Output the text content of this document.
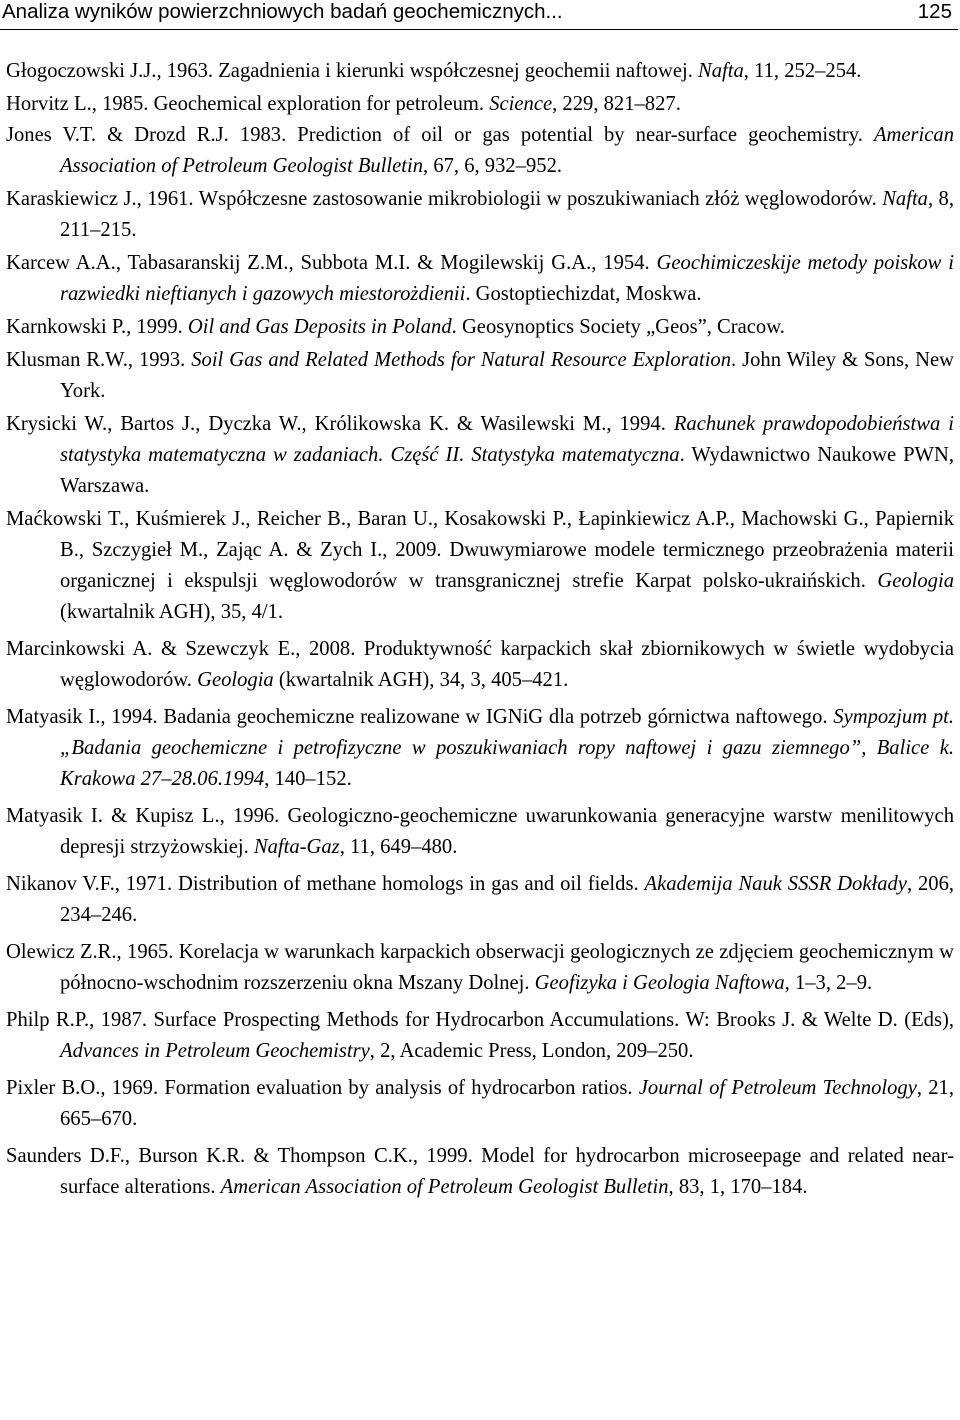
Analiza wyników powierzchniowych badań geochemicznych...	125

Głogoczowski J.J., 1963. Zagadnienia i kierunki współczesnej geochemii naftowej. Nafta, 11, 252–254.

Horvitz L., 1985. Geochemical exploration for petroleum. Science, 229, 821–827.

Jones V.T. & Drozd R.J. 1983. Prediction of oil or gas potential by near-surface geochemistry. American Association of Petroleum Geologist Bulletin, 67, 6, 932–952.

Karaskiewicz J., 1961. Współczesne zastosowanie mikrobiologii w poszukiwaniach złóż węglowodorów. Nafta, 8, 211–215.

Karcew A.A., Tabasaranskij Z.M., Subbota M.I. & Mogilewskij G.A., 1954. Geochimiczeskije metody poiskow i razwiedki nieftianych i gazowych miestorożdienii. Gostoptiechizdat, Moskwa.

Karnkowski P., 1999. Oil and Gas Deposits in Poland. Geosynoptics Society „Geos”, Cracow.

Klusman R.W., 1993. Soil Gas and Related Methods for Natural Resource Exploration. John Wiley & Sons, New York.

Krysicki W., Bartos J., Dyczka W., Królikowska K. & Wasilewski M., 1994. Rachunek prawdopodobieństwa i statystyka matematyczna w zadaniach. Część II. Statystyka matematyczna. Wydawnictwo Naukowe PWN, Warszawa.

Maćkowski T., Kuśmierek J., Reicher B., Baran U., Kosakowski P., Łapinkiewicz A.P., Machowski G., Papiernik B., Szczygieł M., Zając A. & Zych I., 2009. Dwuwymiarowe modele termicznego przeobrażenia materii organicznej i ekspulsji węglowodorów w transgranicznej strefie Karpat polsko-ukraińskich. Geologia (kwartalnik AGH), 35, 4/1.

Marcinkowski A. & Szewczyk E., 2008. Produktywność karpackich skał zbiornikowych w świetle wydobycia węglowodorów. Geologia (kwartalnik AGH), 34, 3, 405–421.

Matyasik I., 1994. Badania geochemiczne realizowane w IGNiG dla potrzeb górnictwa naftowego. Sympozjum pt. „Badania geochemiczne i petrofizyczne w poszukiwaniach ropy naftowej i gazu ziemnego”, Balice k. Krakowa 27–28.06.1994, 140–152.

Matyasik I. & Kupisz L., 1996. Geologiczno-geochemiczne uwarunkowania generacyjne warstw menilitowych depresji strzyżowskiej. Nafta-Gaz, 11, 649–480.

Nikanov V.F., 1971. Distribution of methane homologs in gas and oil fields. Akademija Nauk SSSR Dokłady, 206, 234–246.

Olewicz Z.R., 1965. Korelacja w warunkach karpackich obserwacji geologicznych ze zdjęciem geochemicznym w północno-wschodnim rozszerzeniu okna Mszany Dolnej. Geofizyka i Geologia Naftowa, 1–3, 2–9.

Philp R.P., 1987. Surface Prospecting Methods for Hydrocarbon Accumulations. W: Brooks J. & Welte D. (Eds), Advances in Petroleum Geochemistry, 2, Academic Press, London, 209–250.

Pixler B.O., 1969. Formation evaluation by analysis of hydrocarbon ratios. Journal of Petroleum Technology, 21, 665–670.

Saunders D.F., Burson K.R. & Thompson C.K., 1999. Model for hydrocarbon microseepage and related near-surface alterations. American Association of Petroleum Geologist Bulletin, 83, 1, 170–184.
